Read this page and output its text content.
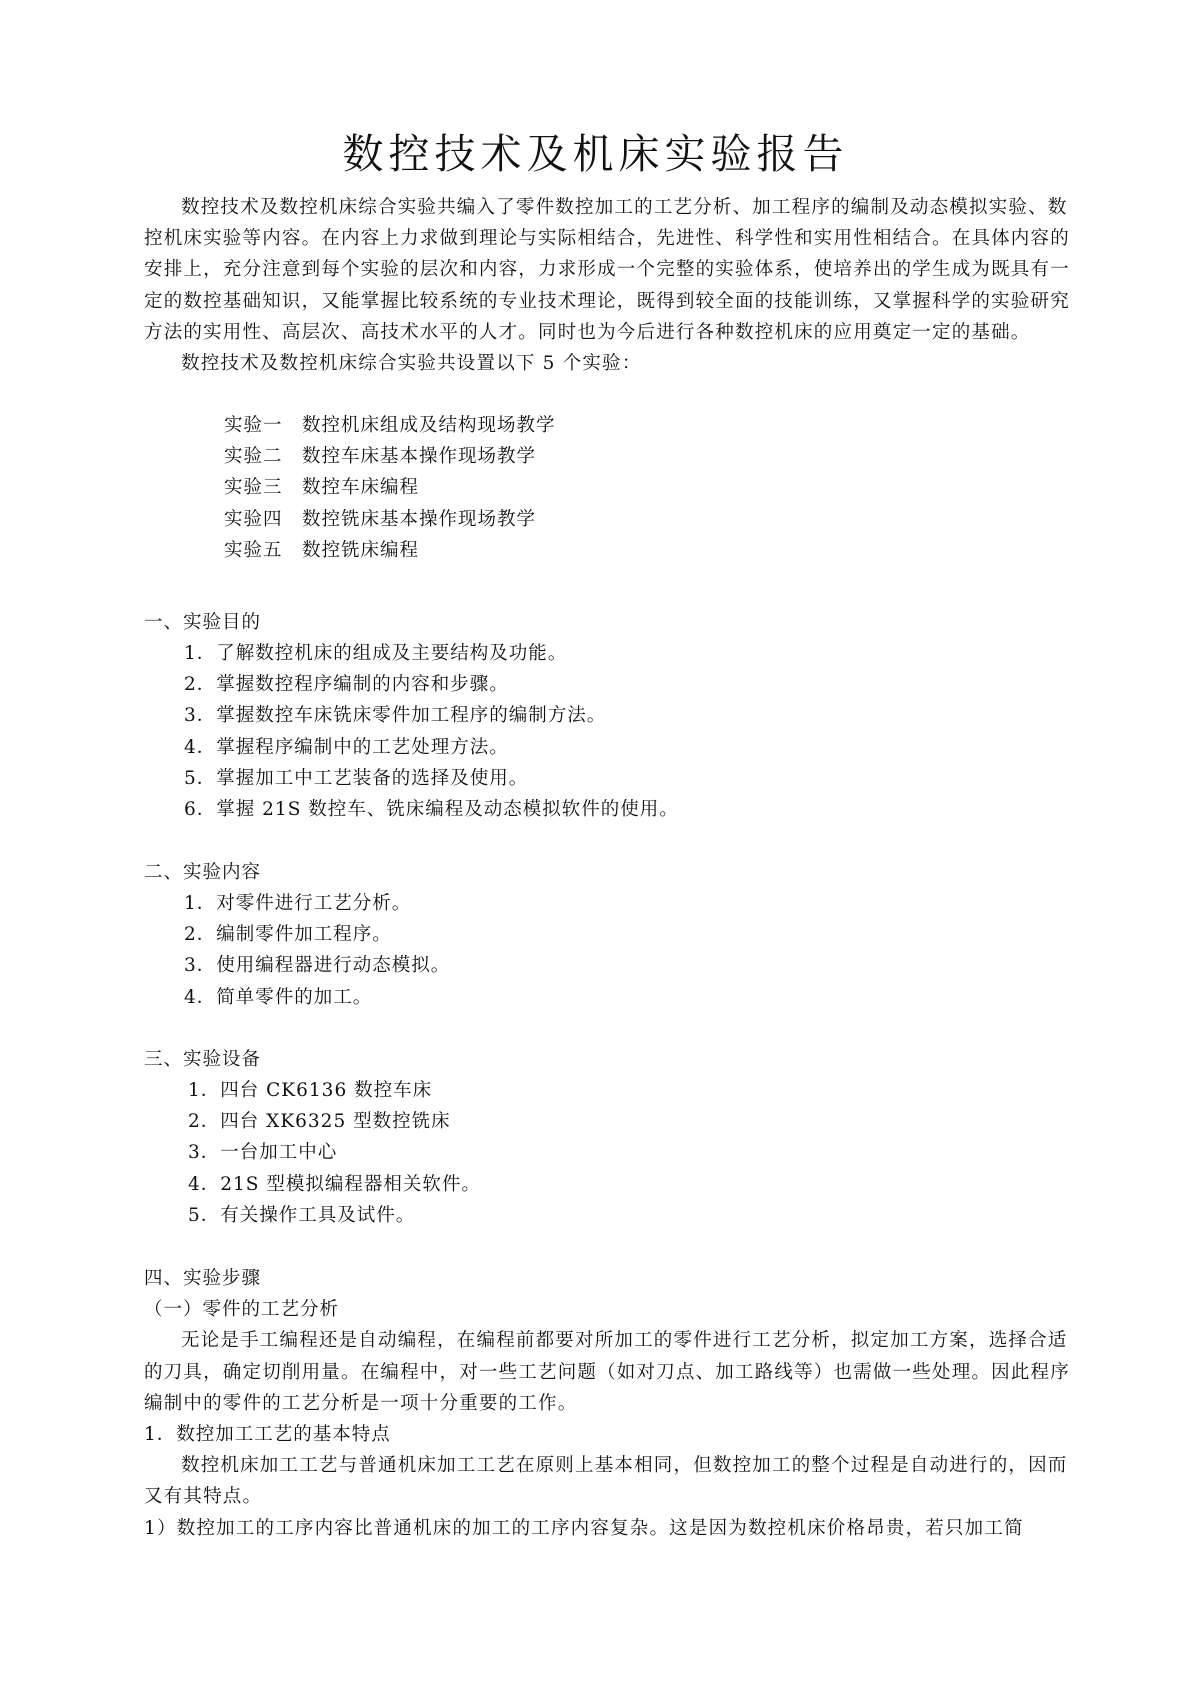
数控技术及机床实验报告

数控技术及数控机床综合实验共编入了零件数控加工的工艺分析、加工程序的编制及动态模拟实验、数控机床实验等内容。在内容上力求做到理论与实际相结合，先进性、科学性和实用性相结合。在具体内容的安排上，充分注意到每个实验的层次和内容，力求形成一个完整的实验体系，使培养出的学生成为既具有一定的数控基础知识，又能掌握比较系统的专业技术理论，既得到较全面的技能训练，又掌握科学的实验研究方法的实用性、高层次、高技术水平的人才。同时也为今后进行各种数控机床的应用奠定一定的基础。

数控技术及数控机床综合实验共设置以下 5 个实验：

实验一　数控机床组成及结构现场教学

实验二　数控车床基本操作现场教学

实验三　数控车床编程

实验四　数控铣床基本操作现场教学

实验五　数控铣床编程

一、实验目的

1．了解数控机床的组成及主要结构及功能。

2．掌握数控程序编制的内容和步骤。

3．掌握数控车床铣床零件加工程序的编制方法。

4．掌握程序编制中的工艺处理方法。

5．掌握加工中工艺装备的选择及使用。

6．掌握 21S 数控车、铣床编程及动态模拟软件的使用。

二、实验内容

1．对零件进行工艺分析。

2．编制零件加工程序。

3．使用编程器进行动态模拟。

4．简单零件的加工。

三、实验设备

1．四台 CK6136 数控车床

2．四台 XK6325 型数控铣床

3．一台加工中心

4．21S 型模拟编程器相关软件。

5．有关操作工具及试件。

四、实验步骤

（一）零件的工艺分析

无论是手工编程还是自动编程，在编程前都要对所加工的零件进行工艺分析，拟定加工方案，选择合适的刀具，确定切削用量。在编程中，对一些工艺问题（如对刀点、加工路线等）也需做一些处理。因此程序编制中的零件的工艺分析是一项十分重要的工作。

1．数控加工工艺的基本特点

数控机床加工工艺与普通机床加工工艺在原则上基本相同，但数控加工的整个过程是自动进行的，因而又有其特点。

1）数控加工的工序内容比普通机床的加工的工序内容复杂。这是因为数控机床价格昂贵，若只加工简
